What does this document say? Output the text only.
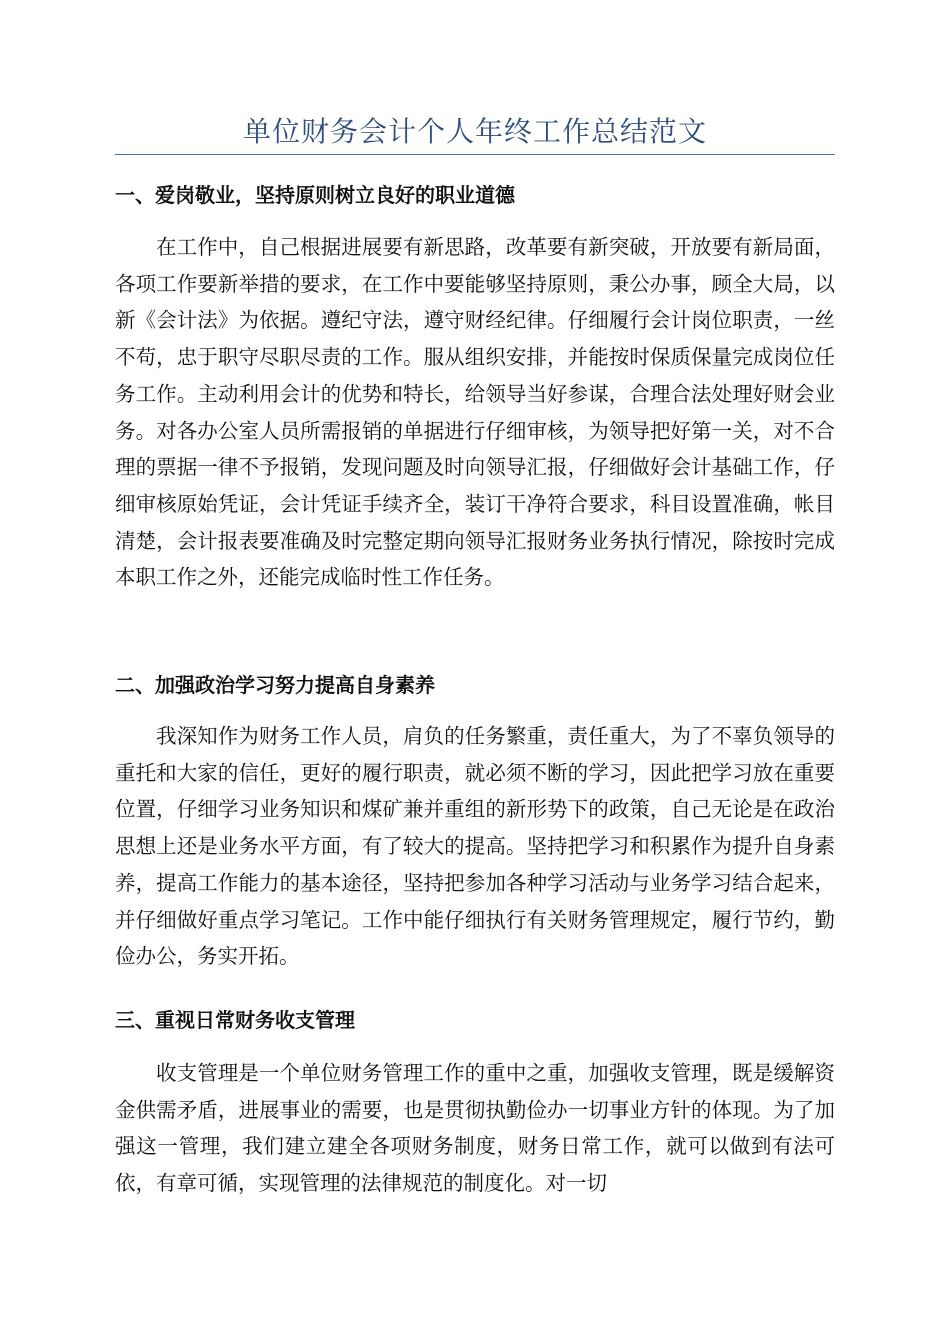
单位财务会计个人年终工作总结范文
一、爱岗敬业，坚持原则树立良好的职业道德
在工作中，自己根据进展要有新思路，改革要有新突破，开放要有新局面，各项工作要新举措的要求，在工作中要能够坚持原则，秉公办事，顾全大局，以新《会计法》为依据。遵纪守法，遵守财经纪律。仔细履行会计岗位职责，一丝不苟，忠于职守尽职尽责的工作。服从组织安排，并能按时保质保量完成岗位任务工作。主动利用会计的优势和特长，给领导当好参谋，合理合法处理好财会业务。对各办公室人员所需报销的单据进行仔细审核，为领导把好第一关，对不合理的票据一律不予报销，发现问题及时向领导汇报，仔细做好会计基础工作，仔细审核原始凭证，会计凭证手续齐全，装订干净符合要求，科目设置准确，帐目清楚，会计报表要准确及时完整定期向领导汇报财务业务执行情况，除按时完成本职工作之外，还能完成临时性工作任务。
二、加强政治学习努力提高自身素养
我深知作为财务工作人员，肩负的任务繁重，责任重大，为了不辜负领导的重托和大家的信任，更好的履行职责，就必须不断的学习，因此把学习放在重要位置，仔细学习业务知识和煤矿兼并重组的新形势下的政策，自己无论是在政治思想上还是业务水平方面，有了较大的提高。坚持把学习和积累作为提升自身素养，提高工作能力的基本途径，坚持把参加各种学习活动与业务学习结合起来，并仔细做好重点学习笔记。工作中能仔细执行有关财务管理规定，履行节约，勤俭办公，务实开拓。
三、重视日常财务收支管理
收支管理是一个单位财务管理工作的重中之重，加强收支管理，既是缓解资金供需矛盾，进展事业的需要，也是贯彻执勤俭办一切事业方针的体现。为了加强这一管理，我们建立建全各项财务制度，财务日常工作，就可以做到有法可依，有章可循，实现管理的法律规范的制度化。对一切
